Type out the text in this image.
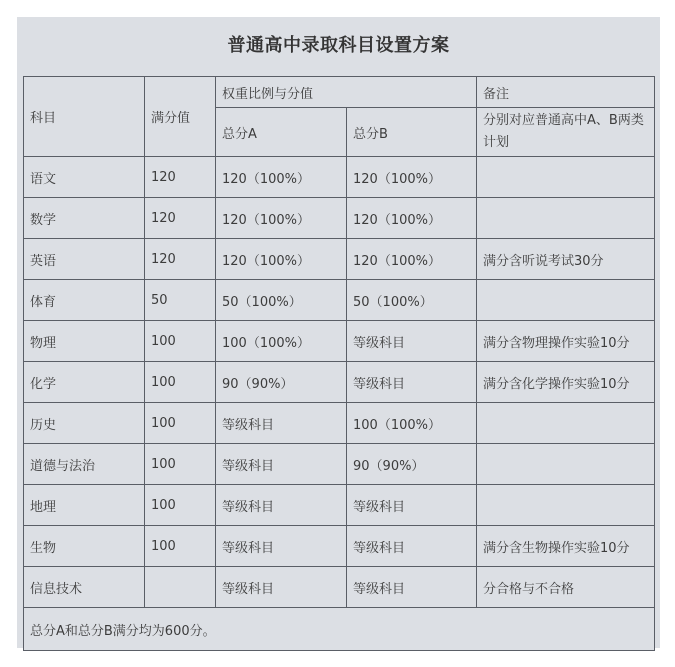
普通高中录取科目设置方案
科目	满分值	权重比例与分值		备注
		总分A	总分B	分别对应普通高中A、B两类计划
语文	120	120（100%）	120（100%）	
数学	120	120（100%）	120（100%）	
英语	120	120（100%）	120（100%）	满分含听说考试30分
体育	50	50（100%）	50（100%）	
物理	100	100（100%）	等级科目	满分含物理操作实验10分
化学	100	90（90%）	等级科目	满分含化学操作实验10分
历史	100	等级科目	100（100%）	
道德与法治	100	等级科目	90（90%）	
地理	100	等级科目	等级科目	
生物	100	等级科目	等级科目	满分含生物操作实验10分
信息技术		等级科目	等级科目	分合格与不合格
总分A和总分B满分均为600分。				
